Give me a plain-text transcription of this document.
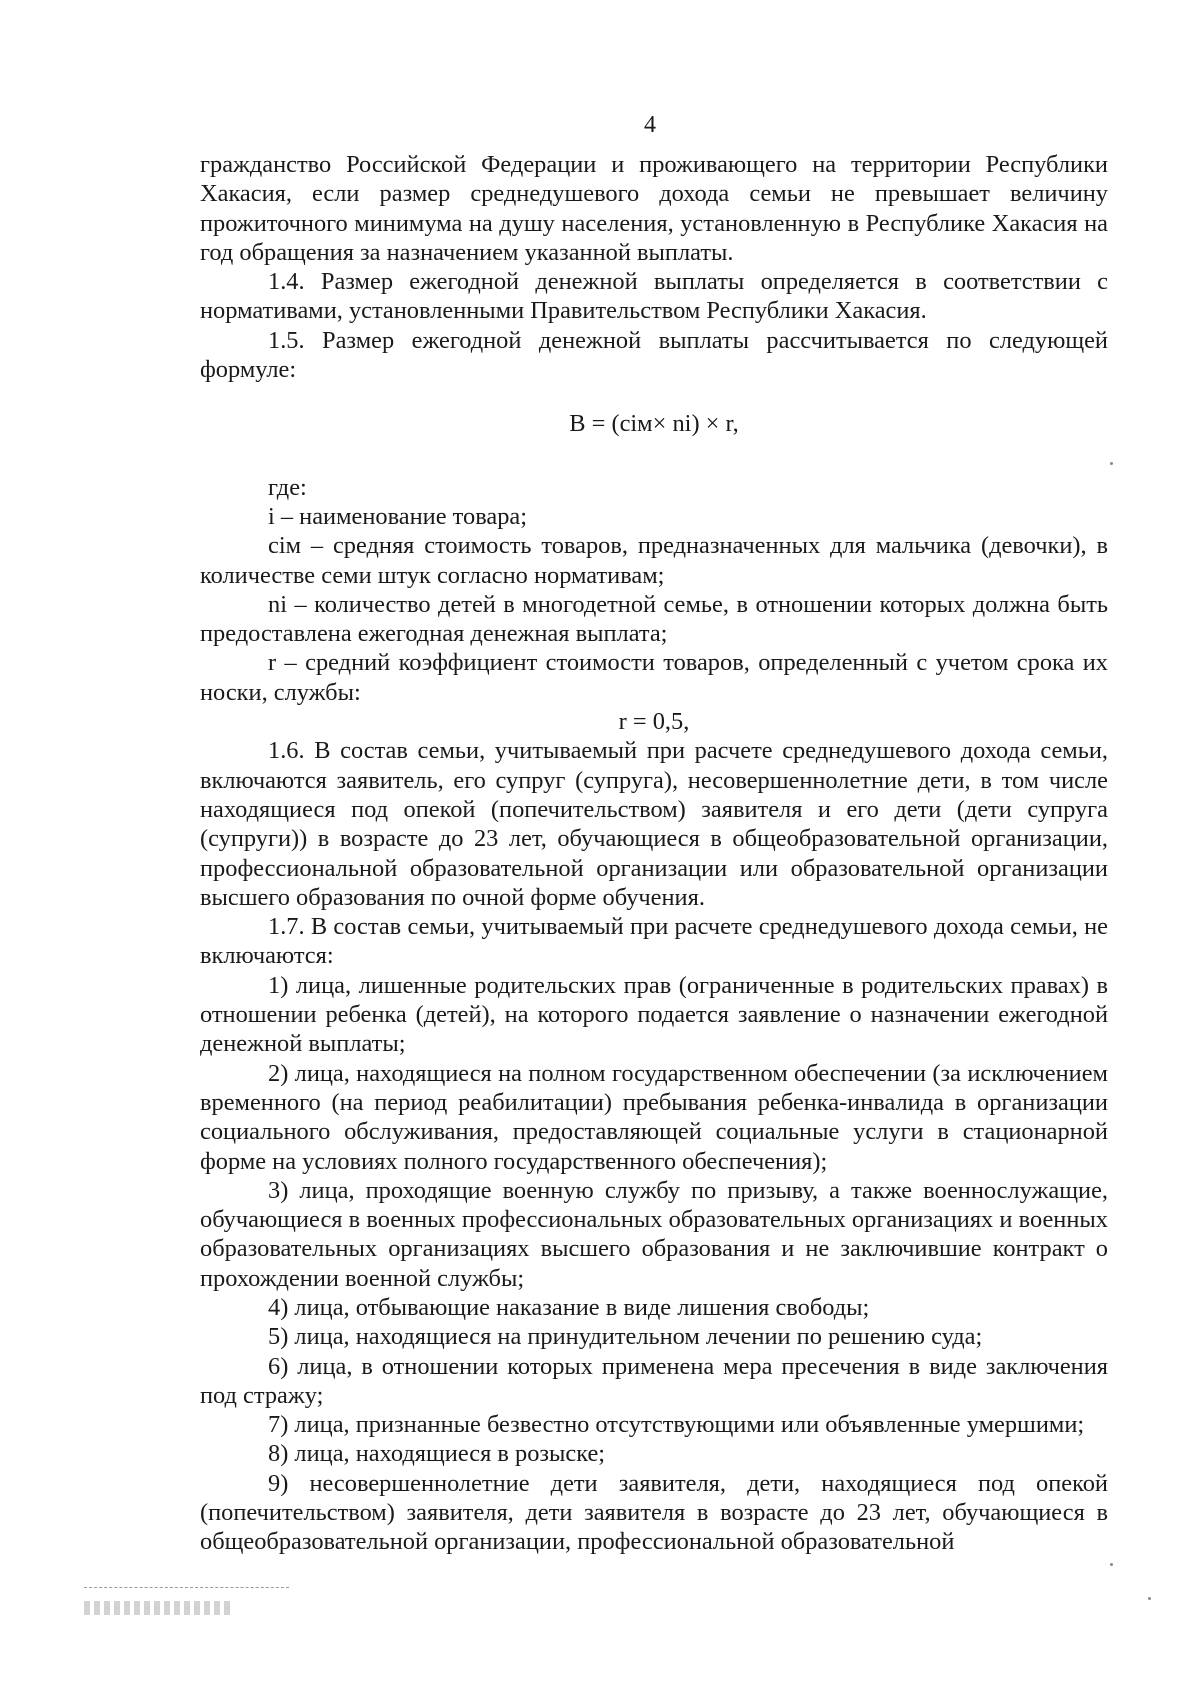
4

гражданство Российской Федерации и проживающего на территории Республики Хакасия, если размер среднедушевого дохода семьи не превышает величину прожиточного минимума на душу населения, установленную в Республике Хакасия на год обращения за назначением указанной выплаты.

1.4. Размер ежегодной денежной выплаты определяется в соответствии с нормативами, установленными Правительством Республики Хакасия.

1.5. Размер ежегодной денежной выплаты рассчитывается по следующей формуле:

B = (ciм× ni) × r,

где:

i – наименование товара;

ciм – средняя стоимость товаров, предназначенных для мальчика (девочки), в количестве семи штук согласно нормативам;

ni – количество детей в многодетной семье, в отношении которых должна быть предоставлена ежегодная денежная выплата;

r – средний коэффициент стоимости товаров, определенный с учетом срока их носки, службы:

r = 0,5,

1.6. В состав семьи, учитываемый при расчете среднедушевого дохода семьи, включаются заявитель, его супруг (супруга), несовершеннолетние дети, в том числе находящиеся под опекой (попечительством) заявителя и его дети (дети супруга (супруги)) в возрасте до 23 лет, обучающиеся в общеобразовательной организации, профессиональной образовательной организации или образовательной организации высшего образования по очной форме обучения.

1.7. В состав семьи, учитываемый при расчете среднедушевого дохода семьи, не включаются:

1) лица, лишенные родительских прав (ограниченные в родительских правах) в отношении ребенка (детей), на которого подается заявление о назначении ежегодной денежной выплаты;

2) лица, находящиеся на полном государственном обеспечении (за исключением временного (на период реабилитации) пребывания ребенка-инвалида в организации социального обслуживания, предоставляющей социальные услуги в стационарной форме на условиях полного государственного обеспечения);

3) лица, проходящие военную службу по призыву, а также военнослужащие, обучающиеся в военных профессиональных образовательных организациях и военных образовательных организациях высшего образования и не заключившие контракт о прохождении военной службы;

4) лица, отбывающие наказание в виде лишения свободы;

5) лица, находящиеся на принудительном лечении по решению суда;

6) лица, в отношении которых применена мера пресечения в виде заключения под стражу;

7) лица, признанные безвестно отсутствующими или объявленные умершими;

8) лица, находящиеся в розыске;

9) несовершеннолетние дети заявителя, дети, находящиеся под опекой (попечительством) заявителя, дети заявителя в возрасте до 23 лет, обучающиеся в общеобразовательной организации, профессиональной образовательной
